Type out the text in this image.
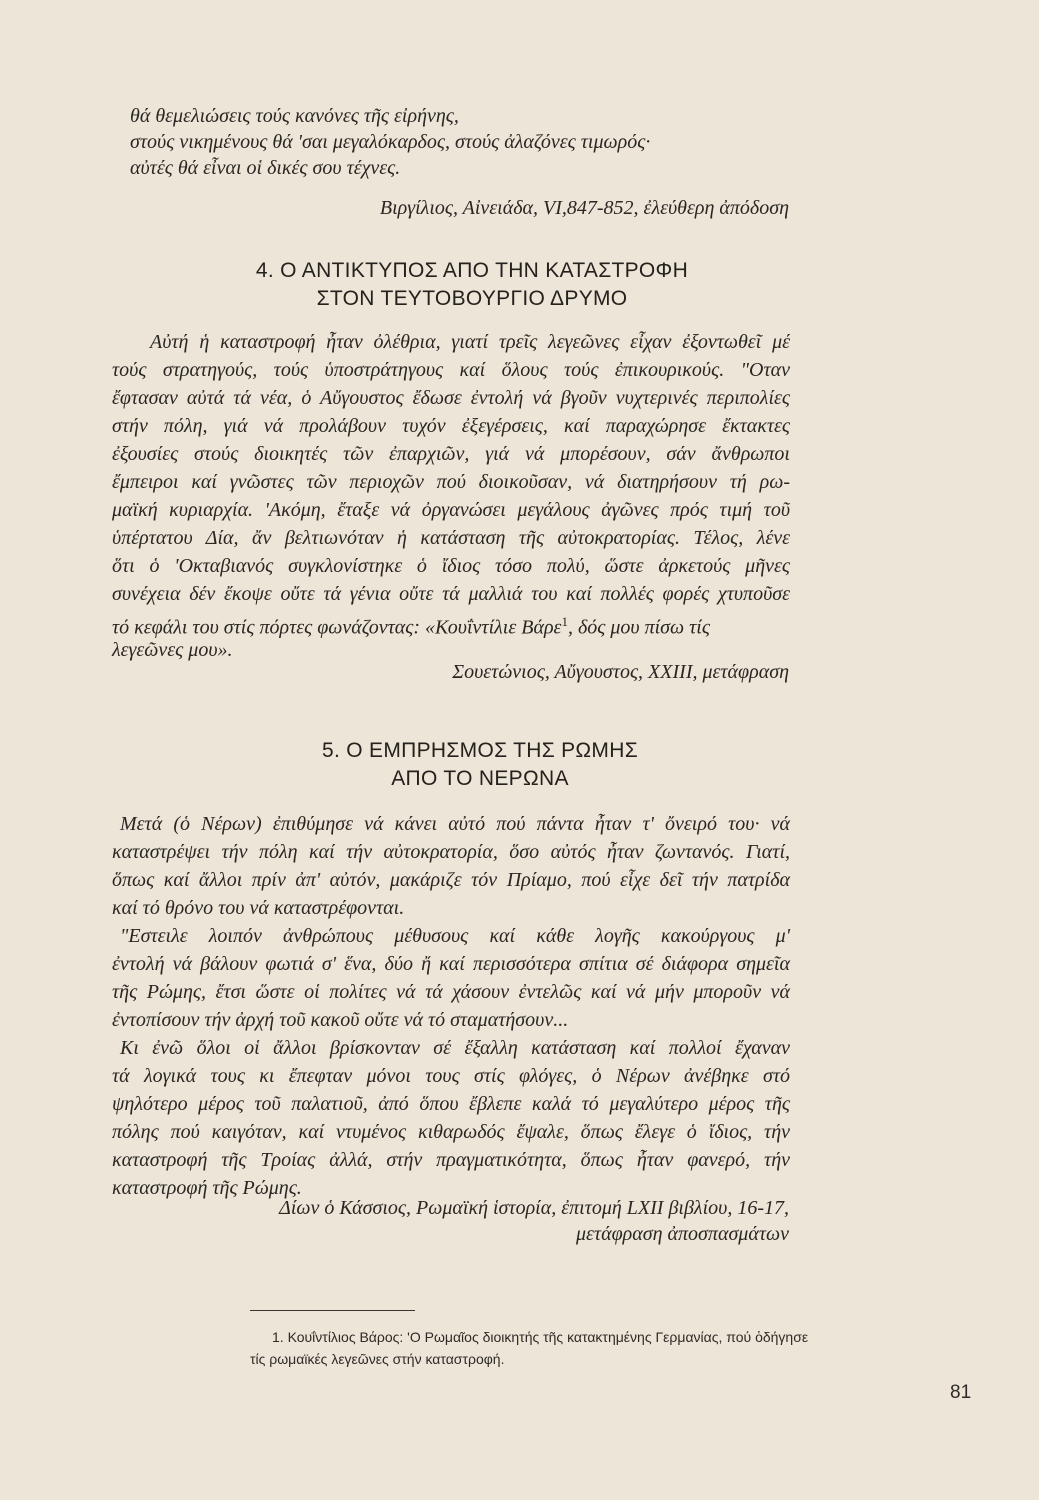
θά θεμελιώσεις τούς κανόνες τῆς εἰρήνης,
στούς νικημένους θά 'σαι μεγαλόκαρδος, στούς ἀλαζόνες τιμωρός·
αὐτές θά εἶναι οἱ δικές σου τέχνες.
Βιργίλιος, Αἰνειάδα, VI,847-852, ἐλεύθερη ἀπόδοση
4. Ο ΑΝΤΙΚΤΥΠΟΣ ΑΠΟ ΤΗΝ ΚΑΤΑΣΤΡΟΦΗ
ΣΤΟΝ ΤΕΥΤΟΒΟΥΡΓΙΟ ΔΡΥΜΟ
Αὐτή ἡ καταστροφή ἦταν ὀλέθρια, γιατί τρεῖς λεγεῶνες εἶχαν ἐξοντωθεῖ μέ
τούς στρατηγούς, τούς ὑποστράτηγους καί ὅλους τούς ἐπικουρικούς. "Οταν
ἔφτασαν αὐτά τά νέα, ὁ Αὔγουστος ἔδωσε ἐντολή νά βγοῦν νυχτερινές περιπολίες
στήν πόλη, γιά νά προλάβουν τυχόν ἐξεγέρσεις, καί παραχώρησε ἔκτακτες
ἐξουσίες στούς διοικητές τῶν ἐπαρχιῶν, γιά νά μπορέσουν, σάν ἄνθρωποι
ἔμπειροι καί γνῶστες τῶν περιοχῶν πού διοικοῦσαν, νά διατηρήσουν τή ρω-
μαϊκή κυριαρχία. 'Ακόμη, ἔταξε νά ὀργανώσει μεγάλους ἀγῶνες πρός τιμή τοῦ
ὑπέρτατου Δία, ἄν βελτιωνόταν ἡ κατάσταση τῆς αὐτοκρατορίας. Τέλος, λένε
ὅτι ὁ 'Οκταβιανός συγκλονίστηκε ὁ ἴδιος τόσο πολύ, ὥστε ἀρκετούς μῆνες
συνέχεια δέν ἔκοψε οὔτε τά γένια οὔτε τά μαλλιά του καί πολλές φορές χτυποῦσε
τό κεφάλι του στίς πόρτες φωνάζοντας: «Κουΐντίλιε Βάρε$^1$, δός μου πίσω τίς
λεγεῶνες μου».
Σουετώνιος, Αὔγουστος, XXIII, μετάφραση
5. Ο ΕΜΠΡΗΣΜΟΣ ΤΗΣ ΡΩΜΗΣ
ΑΠΟ ΤΟ ΝΕΡΩΝΑ
Μετά (ὁ Νέρων) ἐπιθύμησε νά κάνει αὐτό πού πάντα ἦταν τ' ὄνειρό του· νά
καταστρέψει τήν πόλη καί τήν αὐτοκρατορία, ὅσο αὐτός ἦταν ζωντανός. Γιατί,
ὅπως καί ἄλλοι πρίν ἀπ' αὐτόν, μακάριζε τόν Πρίαμο, πού εἶχε δεῖ τήν πατρίδα
καί τό θρόνο του νά καταστρέφονται.
"Εστειλε λοιπόν ἀνθρώπους μέθυσους καί κάθε λογῆς κακούργους μ'
ἐντολή νά βάλουν φωτιά σ' ἕνα, δύο ἤ καί περισσότερα σπίτια σέ διάφορα σημεῖα
τῆς Ρώμης, ἔτσι ὥστε οἱ πολίτες νά τά χάσουν ἐντελῶς καί νά μήν μποροῦν νά
ἐντοπίσουν τήν ἀρχή τοῦ κακοῦ οὔτε νά τό σταματήσουν...
Κι ἐνῶ ὅλοι οἱ ἄλλοι βρίσκονταν σέ ἔξαλλη κατάσταση καί πολλοί ἔχαναν
τά λογικά τους κι ἔπεφταν μόνοι τους στίς φλόγες, ὁ Νέρων ἀνέβηκε στό
ψηλότερο μέρος τοῦ παλατιοῦ, ἀπό ὅπου ἔβλεπε καλά τό μεγαλύτερο μέρος τῆς
πόλης πού καιγόταν, καί ντυμένος κιθαρωδός ἔψαλε, ὅπως ἔλεγε ὁ ἴδιος, τήν
καταστροφή τῆς Τροίας ἀλλά, στήν πραγματικότητα, ὅπως ἦταν φανερό, τήν
καταστροφή τῆς Ρώμης.
Δίων ὁ Κάσσιος, Ρωμαϊκή ἱστορία, ἐπιτομή LXII βιβλίου, 16-17,
μετάφραση ἀποσπασμάτων
1. Κουΐντίλιος Βάρος: 'Ο Ρωμαῖος διοικητής τῆς κατακτημένης Γερμανίας, πού ὁδήγησε
τίς ρωμαϊκές λεγεῶνες στήν καταστροφή.
81
